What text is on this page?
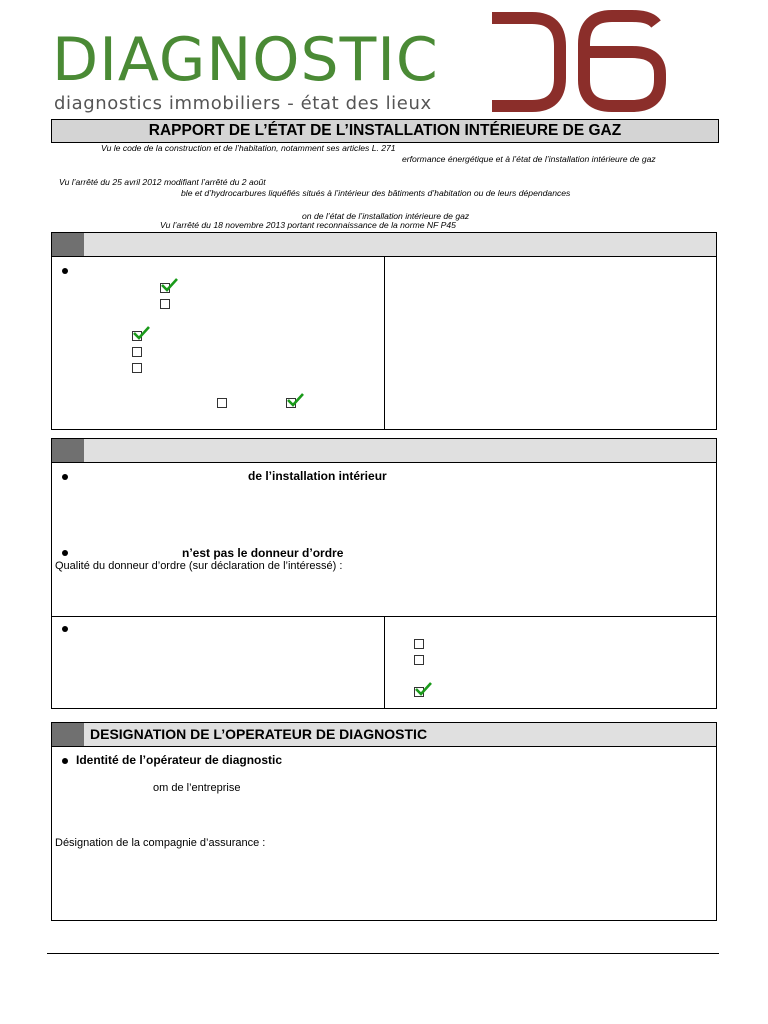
DIAGNOSTIC
diagnostics immobiliers - état des lieux
RAPPORT DE L’ÉTAT DE L’INSTALLATION INTÉRIEURE DE GAZ
Vu le code de la construction et de l’habitation, notamment ses articles L. 271
erformance énergétique et à l’état de l’installation intérieure de gaz
Vu l’arrêté du 25 avril 2012 modifiant l’arrêté du 2 août
ble et d’hydrocarbures liquéfiés situés à l’intérieur des bâtiments d’habitation ou de leurs dépendances
on de l’état de l’installation intérieure de gaz
Vu l’arrêté du 18 novembre 2013 portant reconnaissance de la norme NF P45
de l’installation intérieur
n’est pas le donneur d’ordre
Qualité du donneur d’ordre (sur déclaration de l’intéressé) :
DESIGNATION DE L’OPERATEUR DE DIAGNOSTIC
Identité de l’opérateur de diagnostic
om de l’entreprise
Désignation de la compagnie d’assurance :
